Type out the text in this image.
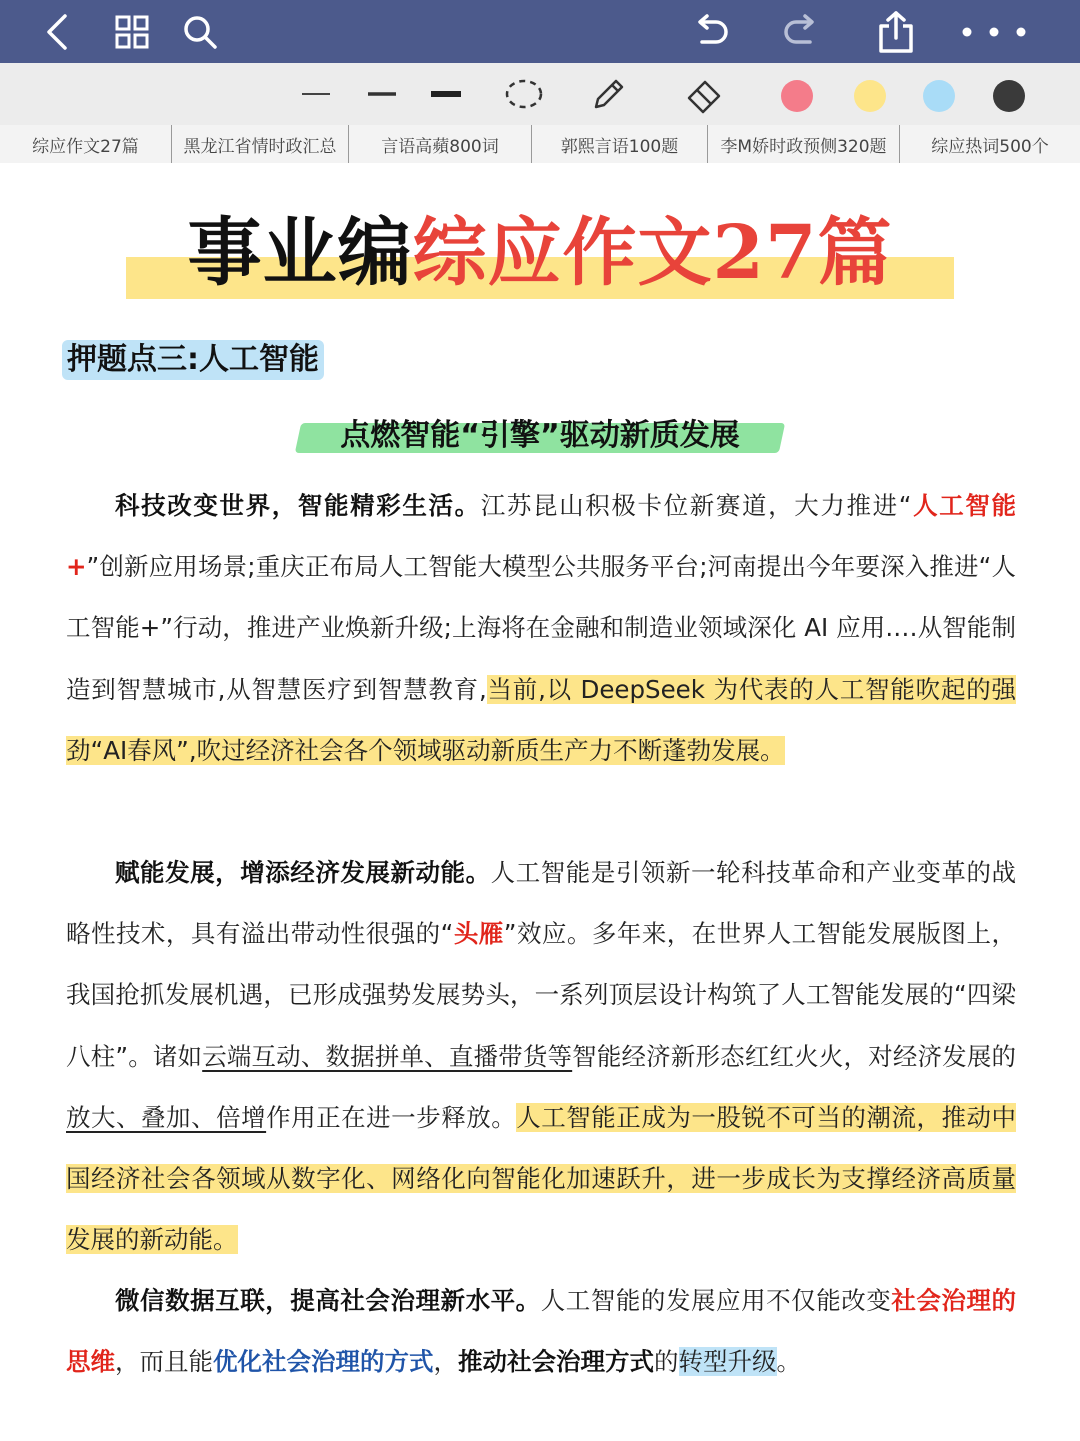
综应作文27篇	黑龙江省情时政汇总	言语高蘋800词	郭熙言语100题	李M娇时政预侧320题	综应热词500个
事业编综应作文27篇
押题点三:人工智能
点燃智能“引擎”驱动新质发展

科技改变世界，智能精彩生活。江苏昆山积极卡位新赛道，大力推进“人工智能+”创新应用场景;重庆正布局人工智能大模型公共服务平台;河南提出今年要深入推进“人工智能+”行动，推进产业焕新升级;上海将在金融和制造业领域深化 AI 应用.…从智能制造到智慧城市,从智慧医疗到智慧教育,当前,以 DeepSeek 为代表的人工智能吹起的强劲“AI春风”,吹过经济社会各个领域驱动新质生产力不断蓬勃发展。

赋能发展，增添经济发展新动能。人工智能是引领新一轮科技革命和产业变革的战略性技术，具有溢出带动性很强的“头雁”效应。多年来，在世界人工智能发展版图上，我国抢抓发展机遇，已形成强势发展势头，一系列顶层设计构筑了人工智能发展的“四梁八柱”。诸如云端互动、数据拼单、直播带货等智能经济新形态红红火火，对经济发展的放大、叠加、倍增作用正在进一步释放。人工智能正成为一股锐不可当的潮流，推动中国经济社会各领域从数字化、网络化向智能化加速跃升，进一步成长为支撑经济高质量发展的新动能。

微信数据互联，提高社会治理新水平。人工智能的发展应用不仅能改变社会治理的思维，而且能优化社会治理的方式，推动社会治理方式的转型升级。
